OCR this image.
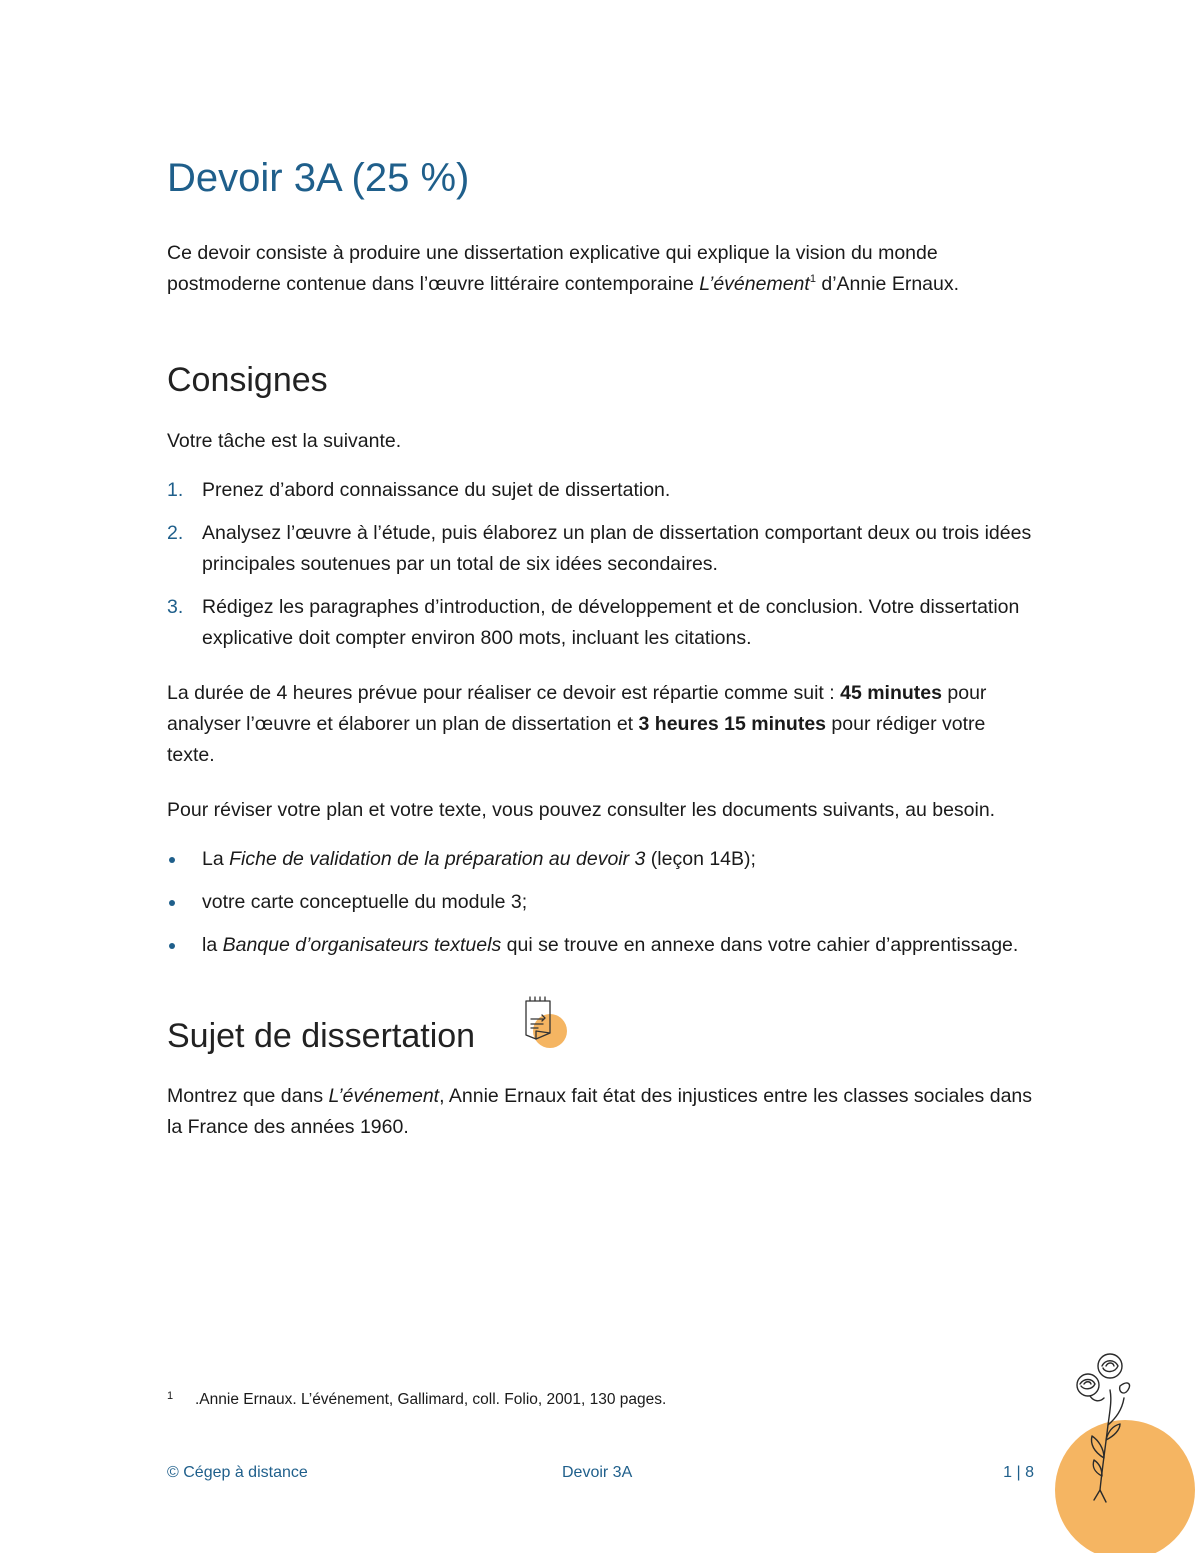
Devoir 3A (25 %)

Ce devoir consiste à produire une dissertation explicative qui explique la vision du monde postmoderne contenue dans l’œuvre littéraire contemporaine L’événement$^1$ d’Annie Ernaux.

Consignes

Votre tâche est la suivante.

1. Prenez d’abord connaissance du sujet de dissertation.
2. Analysez l’œuvre à l’étude, puis élaborez un plan de dissertation comportant deux ou trois idées principales soutenues par un total de six idées secondaires.
3. Rédigez les paragraphes d’introduction, de développement et de conclusion. Votre dissertation explicative doit compter environ 800 mots, incluant les citations.

La durée de 4 heures prévue pour réaliser ce devoir est répartie comme suit : 45 minutes pour analyser l’œuvre et élaborer un plan de dissertation et 3 heures 15 minutes pour rédiger votre texte.

Pour réviser votre plan et votre texte, vous pouvez consulter les documents suivants, au besoin.

La Fiche de validation de la préparation au devoir 3 (leçon 14B);
votre carte conceptuelle du module 3;
la Banque d’organisateurs textuels qui se trouve en annexe dans votre cahier d’apprentissage.
Sujet de dissertation

Montrez que dans L’événement, Annie Ernaux fait état des injustices entre les classes sociales dans la France des années 1960.

1 .Annie Ernaux. L’événement, Gallimard, coll. Folio, 2001, 130 pages.
© Cégep à distance	Devoir 3A	1 | 8
